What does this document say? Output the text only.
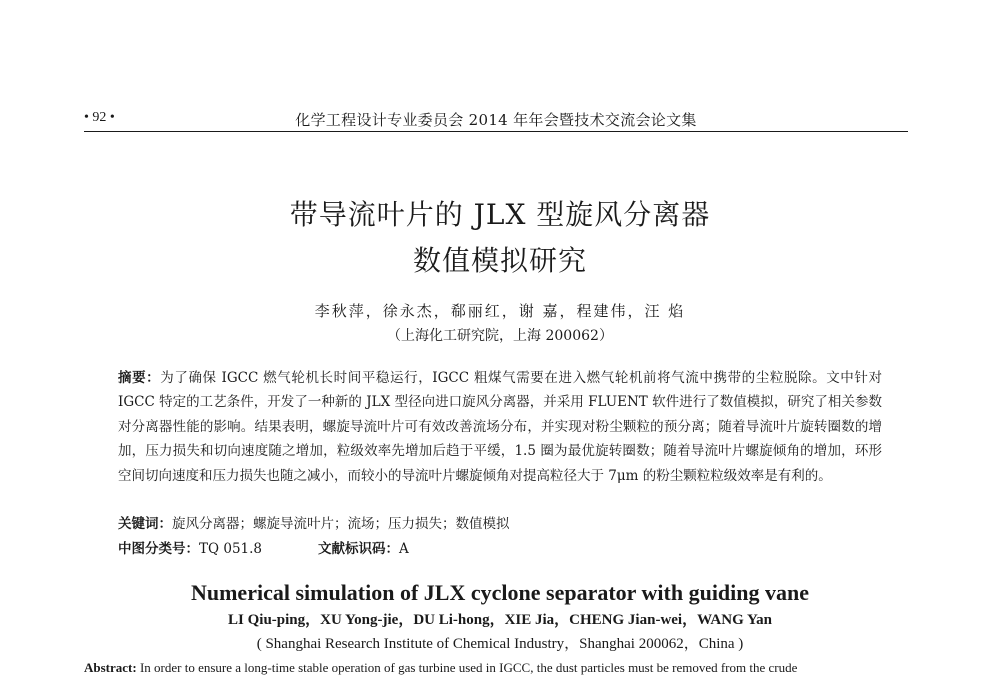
• 92 •	化学工程设计专业委员会 2014 年年会暨技术交流会论文集
带导流叶片的 JLX 型旋风分离器
数值模拟研究
李秋萍，徐永杰，郗丽红，谢 嘉，程建伟，汪 焰
（上海化工研究院，上海 200062）
摘要：为了确保 IGCC 燃气轮机长时间平稳运行，IGCC 粗煤气需要在进入燃气轮机前将气流中携带的尘粒脱除。文中针对 IGCC 特定的工艺条件，开发了一种新的 JLX 型径向进口旋风分离器，并采用 FLUENT 软件进行了数值模拟，研究了相关参数对分离器性能的影响。结果表明，螺旋导流叶片可有效改善流场分布，并实现对粉尘颗粒的预分离；随着导流叶片旋转圈数的增加，压力损失和切向速度随之增加，粒级效率先增加后趋于平缓，1.5 圈为最优旋转圈数；随着导流叶片螺旋倾角的增加，环形空间切向速度和压力损失也随之减小，而较小的导流叶片螺旋倾角对提高粒径大于 7μm 的粉尘颗粒粒级效率是有利的。
关键词：旋风分离器；螺旋导流叶片；流场；压力损失；数值模拟
中图分类号：TQ 051.8	文献标识码：A
Numerical simulation of JLX cyclone separator with guiding vane
LI Qiu-ping，XU Yong-jie，DU Li-hong，XIE Jia，CHENG Jian-wei，WANG Yan
( Shanghai Research Institute of Chemical Industry，Shanghai 200062，China )
Abstract: In order to ensure a long-time stable operation of gas turbine used in IGCC, the dust particles must be removed from the crude
